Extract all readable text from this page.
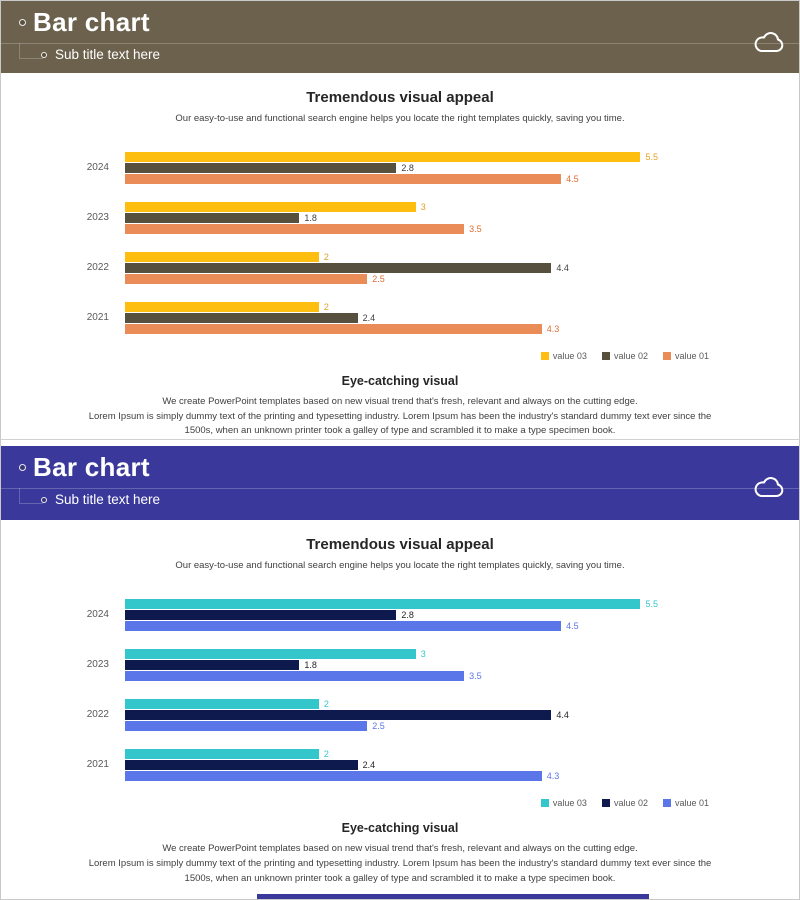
Bar chart
Sub title text here
Tremendous visual appeal

Our easy-to-use and functional search engine helps you locate the right templates quickly, saving you time.

2024
5.5
2.8
4.5
2023
3
1.8
3.5
2022
2
4.4
2.5
2021
2
2.4
4.3
value 03	value 02	value 01
Eye-catching visual

We create PowerPoint templates based on new visual trend that's fresh, relevant and always on the cutting edge.

Lorem Ipsum is simply dummy text of the printing and typesetting industry. Lorem Ipsum has been the industry's standard dummy text ever since the 1500s, when an unknown printer took a galley of type and scrambled it to make a type specimen book.

Bar chart
Sub title text here
Tremendous visual appeal

Our easy-to-use and functional search engine helps you locate the right templates quickly, saving you time.

2024
5.5
2.8
4.5
2023
3
1.8
3.5
2022
2
4.4
2.5
2021
2
2.4
4.3
value 03	value 02	value 01
Eye-catching visual

We create PowerPoint templates based on new visual trend that's fresh, relevant and always on the cutting edge.

Lorem Ipsum is simply dummy text of the printing and typesetting industry. Lorem Ipsum has been the industry's standard dummy text ever since the 1500s, when an unknown printer took a galley of type and scrambled it to make a type specimen book.
